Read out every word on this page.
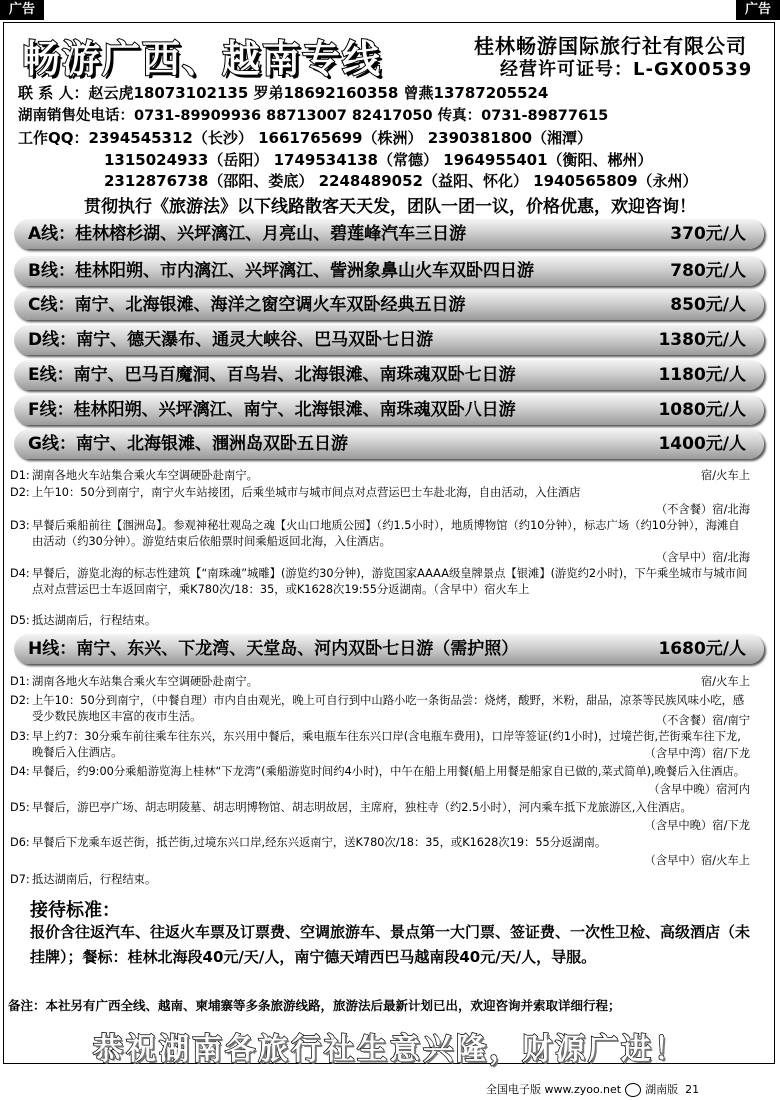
广告	广告
畅游广西、越南专线	桂林畅游国际旅行社有限公司
经营许可证号：L-GX00539
联 系 人：赵云虎18073102135 罗弟18692160358 曾燕13787205524
湖南销售处电话：0731-89909936 88713007 82417050 传真：0731-89877615
工作QQ：2394545312（长沙） 1661765699（株洲） 2390381800（湘潭）
1315024933（岳阳） 1749534138（常德） 1964955401（衡阳、郴州）
2312876738（邵阳、娄底） 2248489052（益阳、怀化） 1940565809（永州）
贯彻执行《旅游法》以下线路散客天天发，团队一团一议，价格优惠，欢迎咨询！
A线：桂林榕杉湖、兴坪漓江、月亮山、碧莲峰汽车三日游	370元/人
B线：桂林阳朔、市内漓江、兴坪漓江、訾洲象鼻山火车双卧四日游	780元/人
C线：南宁、北海银滩、海洋之窗空调火车双卧经典五日游	850元/人
D线：南宁、德天瀑布、通灵大峡谷、巴马双卧七日游	1380元/人
E线：南宁、巴马百魔洞、百鸟岩、北海银滩、南珠魂双卧七日游	1180元/人
F线：桂林阳朔、兴坪漓江、南宁、北海银滩、南珠魂双卧八日游	1080元/人
G线：南宁、北海银滩、涠洲岛双卧五日游	1400元/人
D1: 湖南各地火车站集合乘火车空调硬卧赴南宁。	宿/火车上
D2: 上午10：50分到南宁，南宁火车站接团，后乘坐城市与城市间点对点营运巴士车赴北海，自由活动，入住酒店
（不含餐）宿/北海
D3: 早餐后乘船前往【涠洲岛】。参观神秘壮观岛之魂【火山口地质公园】（约1.5小时），地质博物馆（约10分钟），标志广场（约10分钟），海滩自由活动（约30分钟）。游览结束后依船票时间乘船返回北海，入住酒店。
（含早中）宿/北海
D4: 早餐后，游览北海的标志性建筑【“南珠魂”城雕】(游览约30分钟)，游览国家AAAA级皇牌景点【银滩】(游览约2小时)，下午乘坐城市与城市间点对点营运巴士车返回南宁，乘K780次/18：35，或K1628次19:55分返湖南。（含早中）宿火车上
D5: 抵达湖南后，行程结束。
H线：南宁、东兴、下龙湾、天堂岛、河内双卧七日游（需护照）	1680元/人
D1: 湖南各地火车站集合乘火车空调硬卧赴南宁。	宿/火车上
D2: 上午10：50分到南宁，（中餐自理）市内自由观光，晚上可自行到中山路小吃一条街品尝：烧烤，酸野，米粉，甜品，凉茶等民族风味小吃，感受少数民族地区丰富的夜市生活。	（不含餐）宿/南宁
D3: 早上约7：30分乘车前往乘车往东兴，东兴用中餐后，乘电瓶车往东兴口岸(含电瓶车费用)，口岸等签证(约1小时)，过境芒街,芒街乘车往下龙,晚餐后入住酒店。	（含早中湾）宿/下龙
D4: 早餐后，约9:00分乘船游览海上桂林“下龙湾”(乘船游览时间约4小时)，中午在船上用餐(船上用餐是船家自已做的,菜式简单),晚餐后入住酒店。
（含早中晚）宿河内
D5: 早餐后，游巴亭广场、胡志明陵墓、胡志明博物馆、胡志明故居，主席府，独柱寺（约2.5小时），河内乘车抵下龙旅游区,入住酒店。
（含早中晚）宿/下龙
D6: 早餐后下龙乘车返芒街，抵芒街,过境东兴口岸,经东兴返南宁，送K780次/18：35，或K1628次19：55分返湖南。
（含早中）宿/火车上
D7: 抵达湖南后，行程结束。
接待标准：
报价含往返汽车、往返火车票及订票费、空调旅游车、景点第一大门票、签证费、一次性卫检、高级酒店（未挂牌）；餐标：桂林北海段40元/天/人，南宁德天靖西巴马越南段40元/天/人，导服。
备注：本社另有广西全线、越南、柬埔寨等多条旅游线路，旅游法后最新计划已出，欢迎咨询并索取详细行程；
恭祝湖南各旅行社生意兴隆，财源广进！
全国电子版 www.zyoo.net 湖南版 21
